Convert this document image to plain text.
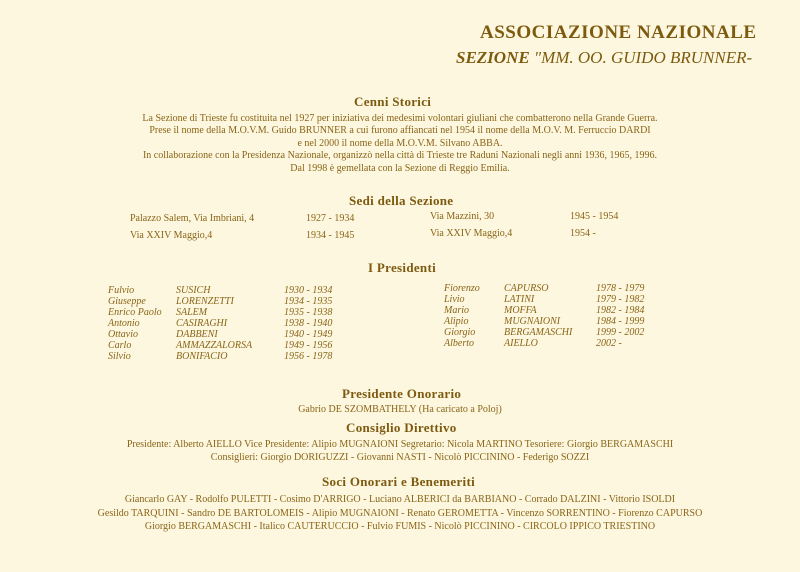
ASSOCIAZIONE NAZIONALE
SEZIONE "MM. OO. GUIDO BRUNNER-
Cenni Storici
La Sezione di Trieste fu costituita nel 1927 per iniziativa dei medesimi volontari giuliani che combatterono nella Grande Guerra.
Prese il nome della M.O.V.M. Guido BRUNNER a cui furono affiancati nel 1954 il nome della M.O.V. M. Ferruccio DARDI
e nel 2000 il nome della M.O.V.M. Silvano ABBA.
In collaborazione con la Presidenza Nazionale, organizzò nella città di Trieste tre Raduni Nazionali negli anni 1936, 1965, 1996.
Dal 1998 è gemellata con la Sezione di Reggio Emilia.
Sedi della Sezione
Palazzo Salem, Via Imbriani, 4
Via XXIV Maggio,4
1927 - 1934
1934 - 1945
Via Mazzini, 30
Via XXIV Maggio,4
1945 - 1954
1954 -
I Presidenti
Fulvio
Giuseppe
Enrico Paolo
Antonio
Ottavio
Carlo
Silvio
SUSICH
LORENZETTI
SALEM
CASIRAGHI
DABBENI
AMMAZZALORSA
BONIFACIO
1930 - 1934
1934 - 1935
1935 - 1938
1938 - 1940
1940 - 1949
1949 - 1956
1956 - 1978
Fiorenzo
Livio
Mario
Alipio
Giorgio
Alberto
CAPURSO
LATINI
MOFFA
MUGNAIONI
BERGAMASCHI
AIELLO
1978 - 1979
1979 - 1982
1982 - 1984
1984 - 1999
1999 - 2002
2002 -
Presidente Onorario
Gabrio DE SZOMBATHELY (Ha caricato a Poloj)
Consiglio Direttivo
Presidente: Alberto AIELLO Vice Presidente: Alipio MUGNAIONI Segretario: Nicola MARTINO Tesoriere: Giorgio BERGAMASCHI
Consiglieri: Giorgio DORIGUZZI - Giovanni NASTI - Nicolò PICCININO - Federigo SOZZI
Soci Onorari e Benemeriti
Giancarlo GAY - Rodolfo PULETTI - Cosimo D'ARRIGO - Luciano ALBERICI da BARBIANO - Corrado DALZINI - Vittorio ISOLDI
Gesildo TARQUINI - Sandro DE BARTOLOMEIS - Alipio MUGNAIONI - Renato GEROMETTA - Vincenzo SORRENTINO - Fiorenzo CAPURSO
Giorgio BERGAMASCHI - Italico CAUTERUCCIO - Fulvio FUMIS - Nicolò PICCININO - CIRCOLO IPPICO TRIESTINO
